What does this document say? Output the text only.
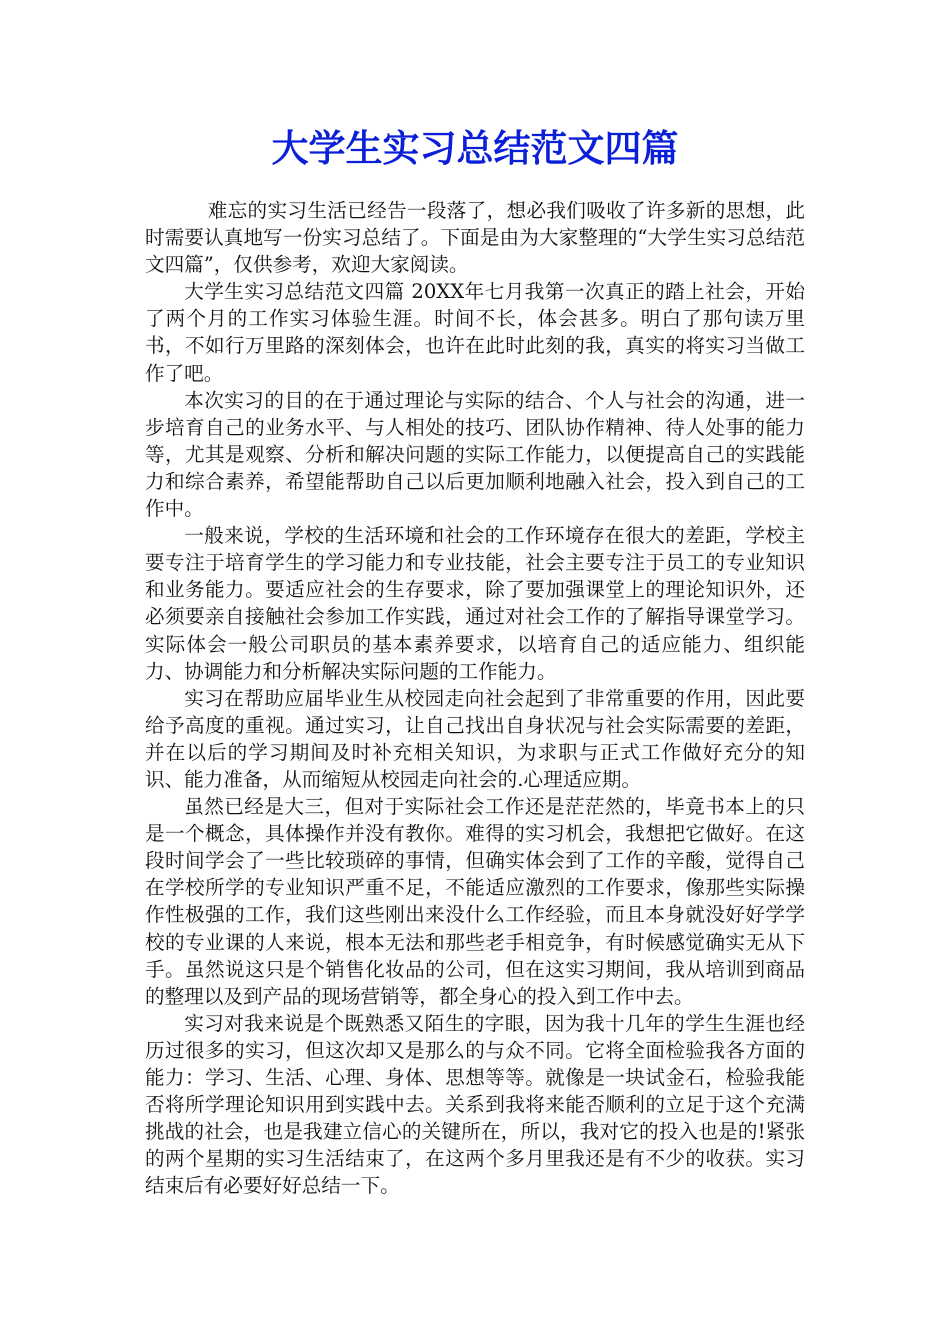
大学生实习总结范文四篇

难忘的实习生活已经告一段落了，想必我们吸收了许多新的思想，此时需要认真地写一份实习总结了。下面是由为大家整理的“大学生实习总结范文四篇”，仅供参考，欢迎大家阅读。

大学生实习总结范文四篇 20XX年七月我第一次真正的踏上社会，开始了两个月的工作实习体验生涯。时间不长，体会甚多。明白了那句读万里书，不如行万里路的深刻体会，也许在此时此刻的我，真实的将实习当做工作了吧。

本次实习的目的在于通过理论与实际的结合、个人与社会的沟通，进一步培育自己的业务水平、与人相处的技巧、团队协作精神、待人处事的能力等，尤其是观察、分析和解决问题的实际工作能力，以便提高自己的实践能力和综合素养，希望能帮助自己以后更加顺利地融入社会，投入到自己的工作中。

一般来说，学校的生活环境和社会的工作环境存在很大的差距，学校主要专注于培育学生的学习能力和专业技能，社会主要专注于员工的专业知识和业务能力。要适应社会的生存要求，除了要加强课堂上的理论知识外，还必须要亲自接触社会参加工作实践，通过对社会工作的了解指导课堂学习。实际体会一般公司职员的基本素养要求，以培育自己的适应能力、组织能力、协调能力和分析解决实际问题的工作能力。

实习在帮助应届毕业生从校园走向社会起到了非常重要的作用，因此要给予高度的重视。通过实习，让自己找出自身状况与社会实际需要的差距，并在以后的学习期间及时补充相关知识，为求职与正式工作做好充分的知识、能力准备，从而缩短从校园走向社会的.心理适应期。

虽然已经是大三，但对于实际社会工作还是茫茫然的，毕竟书本上的只是一个概念，具体操作并没有教你。难得的实习机会，我想把它做好。在这段时间学会了一些比较琐碎的事情，但确实体会到了工作的辛酸，觉得自己在学校所学的专业知识严重不足，不能适应激烈的工作要求，像那些实际操作性极强的工作，我们这些刚出来没什么工作经验，而且本身就没好好学学校的专业课的人来说，根本无法和那些老手相竞争，有时候感觉确实无从下手。虽然说这只是个销售化妆品的公司，但在这实习期间，我从培训到商品的整理以及到产品的现场营销等，都全身心的投入到工作中去。

实习对我来说是个既熟悉又陌生的字眼，因为我十几年的学生生涯也经历过很多的实习，但这次却又是那么的与众不同。它将全面检验我各方面的能力：学习、生活、心理、身体、思想等等。就像是一块试金石，检验我能否将所学理论知识用到实践中去。关系到我将来能否顺利的立足于这个充满挑战的社会，也是我建立信心的关键所在，所以，我对它的投入也是的!紧张的两个星期的实习生活结束了，在这两个多月里我还是有不少的收获。实习结束后有必要好好总结一下。
